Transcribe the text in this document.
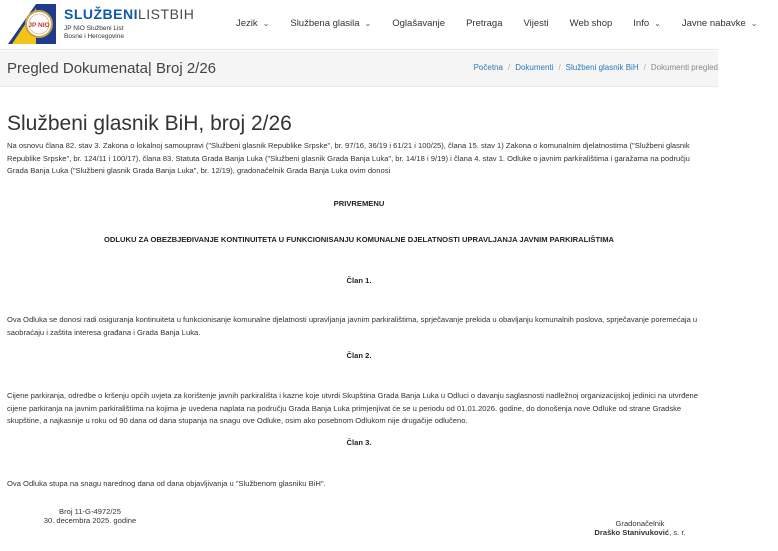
JP NIO
SLUŽBENILISTBIH
JP NIO Službeni List
Bosne i Hercegovine
Jezik ⌄ Službena glasila ⌄ Oglašavanje Pretraga Vijesti Web shop Info ⌄ Javne nabavke ⌄
Pregled Dokumenata| Broj 2/26	Početna / Dokumenti / Službeni glasnik BiH / Dokumenti pregled
Službeni glasnik BiH, broj 2/26
Na osnovu člana 82. stav 3. Zakona o lokalnoj samoupravi ("Službeni glasnik Republike Srpske", br. 97/16, 36/19 i 61/21 i 100/25), člana 15. stav 1) Zakona o komunalnim djelatnostima ("Službeni glasnik Republike Srpske", br. 124/11 i 100/17), člana 83. Statuta Grada Banja Luka ("Službeni glasnik Grada Banja Luka", br. 14/18 i 9/19) i člana 4. stav 1. Odluke o javnim parkiralištima i garažama na području Grada Banja Luka ("Službeni glasnik Grada Banja Luka", br. 12/19), gradonačelnik Grada Banja Luka ovim donosi
PRIVREMENU
ODLUKU ZA OBEZBJEĐIVANJE KONTINUITETA U FUNKCIONISANJU KOMUNALNE DJELATNOSTI UPRAVLJANJA JAVNIM PARKIRALIŠTIMA
Član 1.
Ova Odluka se donosi radi osiguranja kontinuiteta u funkcionisanje komunalne djelatnosti upravljanja javnim parkiralištima, sprječavanje prekida u obavljanju komunalnih poslova, sprječavanje poremećaja u saobraćaju i zaštita interesa građana i Grada Banja Luka.
Član 2.
Cijene parkiranja, odredbe o kršenju općih uvjeta za korištenje javnih parkirališta i kazne koje utvrdi Skupština Grada Banja Luka u Odluci o davanju saglasnosti nadležnoj organizacijskoj jedinici na utvrđene cijene parkiranja na javnim parkiralištima na kojima je uvedena naplata na području Grada Banja Luka primjenjivat će se u periodu od 01.01.2026. godine, do donošenja nove Odluke od strane Gradske skupštine, a najkasnije u roku od 90 dana od dana stupanja na snagu ove Odluke, osim ako posebnom Odlukom nije drugačije odlučeno.
Član 3.
Ova Odluka stupa na snagu narednog dana od dana objavljivanja u "Službenom glasniku BiH".
Broj 11-G-4972/25
30. decembra 2025. godine	Gradonačelnik
Draško Stanivuković, s. r.
